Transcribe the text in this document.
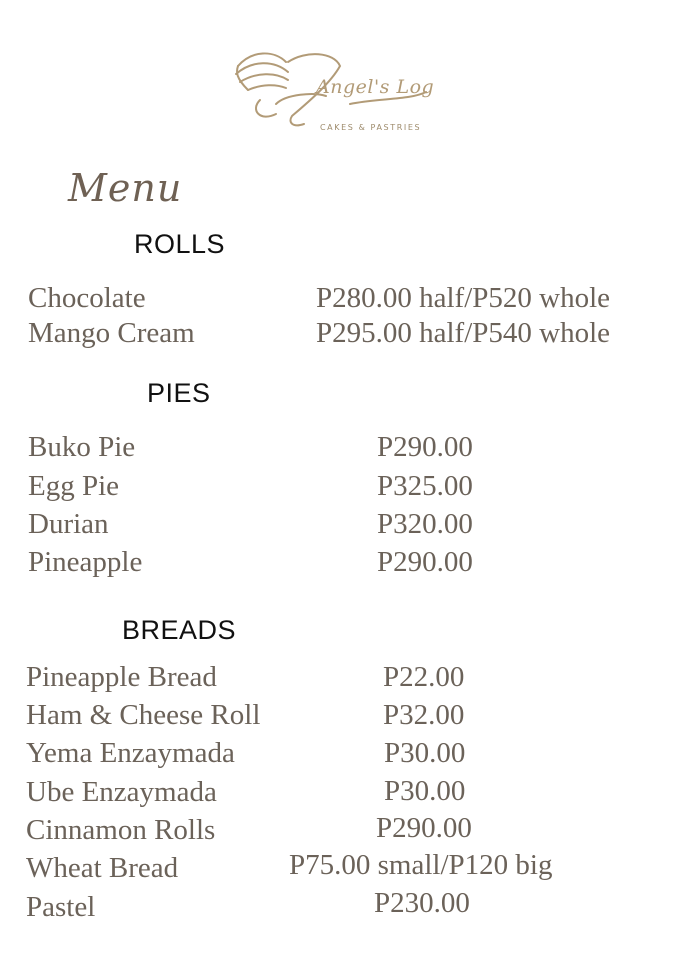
Angel's Log
CAKES & PASTRIES
Menu
ROLLS
Chocolate	P280.00 half/P520 whole
Mango Cream	P295.00 half/P540 whole
PIES
Buko Pie	P290.00
Egg Pie	P325.00
Durian	P320.00
Pineapple	P290.00
BREADS
Pineapple Bread	P22.00
Ham & Cheese Roll	P32.00
Yema Enzaymada	P30.00
Ube Enzaymada	P30.00
Cinnamon Rolls	P290.00
Wheat Bread	P75.00 small/P120 big
Pastel	P230.00
